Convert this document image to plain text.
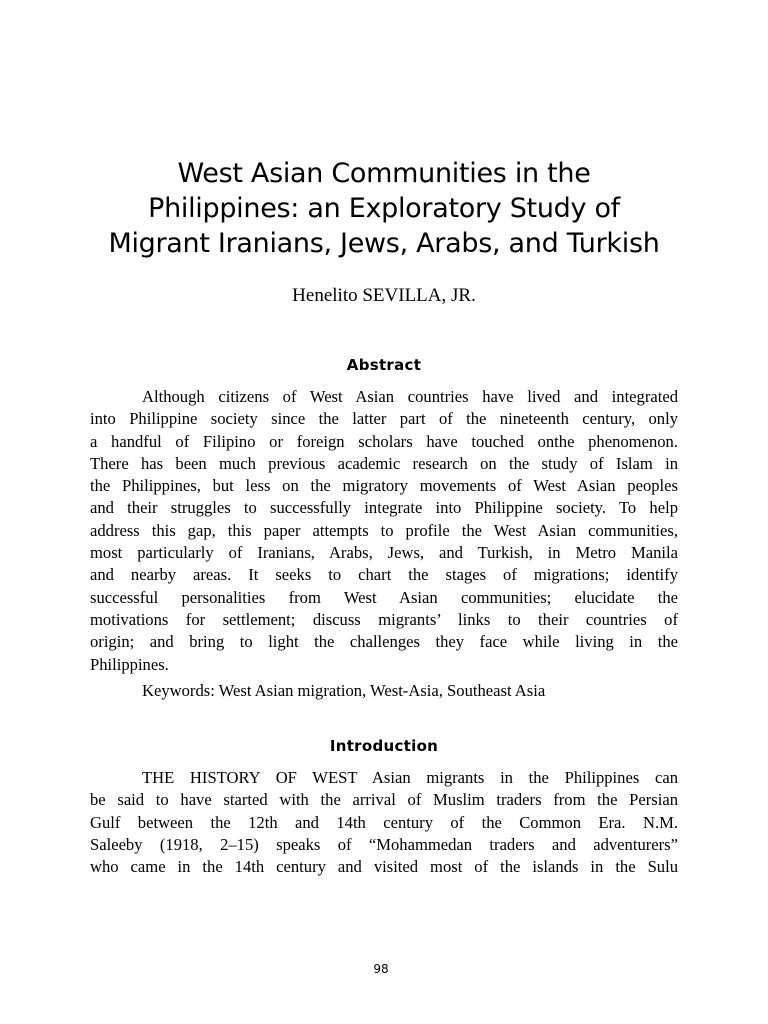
West Asian Communities in the
Philippines: an Exploratory Study of
Migrant Iranians, Jews, Arabs, and Turkish
Henelito SEVILLA, JR.
Abstract
Although citizens of West Asian countries have lived and integrated
into Philippine society since the latter part of the nineteenth century, only
a handful of Filipino or foreign scholars have touched onthe phenomenon.
There has been much previous academic research on the study of Islam in
the Philippines, but less on the migratory movements of West Asian peoples
and their struggles to successfully integrate into Philippine society. To help
address this gap, this paper attempts to profile the West Asian communities,
most particularly of Iranians, Arabs, Jews, and Turkish, in Metro Manila
and nearby areas. It seeks to chart the stages of migrations; identify
successful personalities from West Asian communities; elucidate the
motivations for settlement; discuss migrants’ links to their countries of
origin; and bring to light the challenges they face while living in the
Philippines.

Keywords: West Asian migration, West-Asia, Southeast Asia

Introduction
THE HISTORY OF WEST Asian migrants in the Philippines can
be said to have started with the arrival of Muslim traders from the Persian
Gulf between the 12th and 14th century of the Common Era. N.M.
Saleeby (1918, 2–15) speaks of “Mohammedan traders and adventurers”
who came in the 14th century and visited most of the islands in the Sulu
98
